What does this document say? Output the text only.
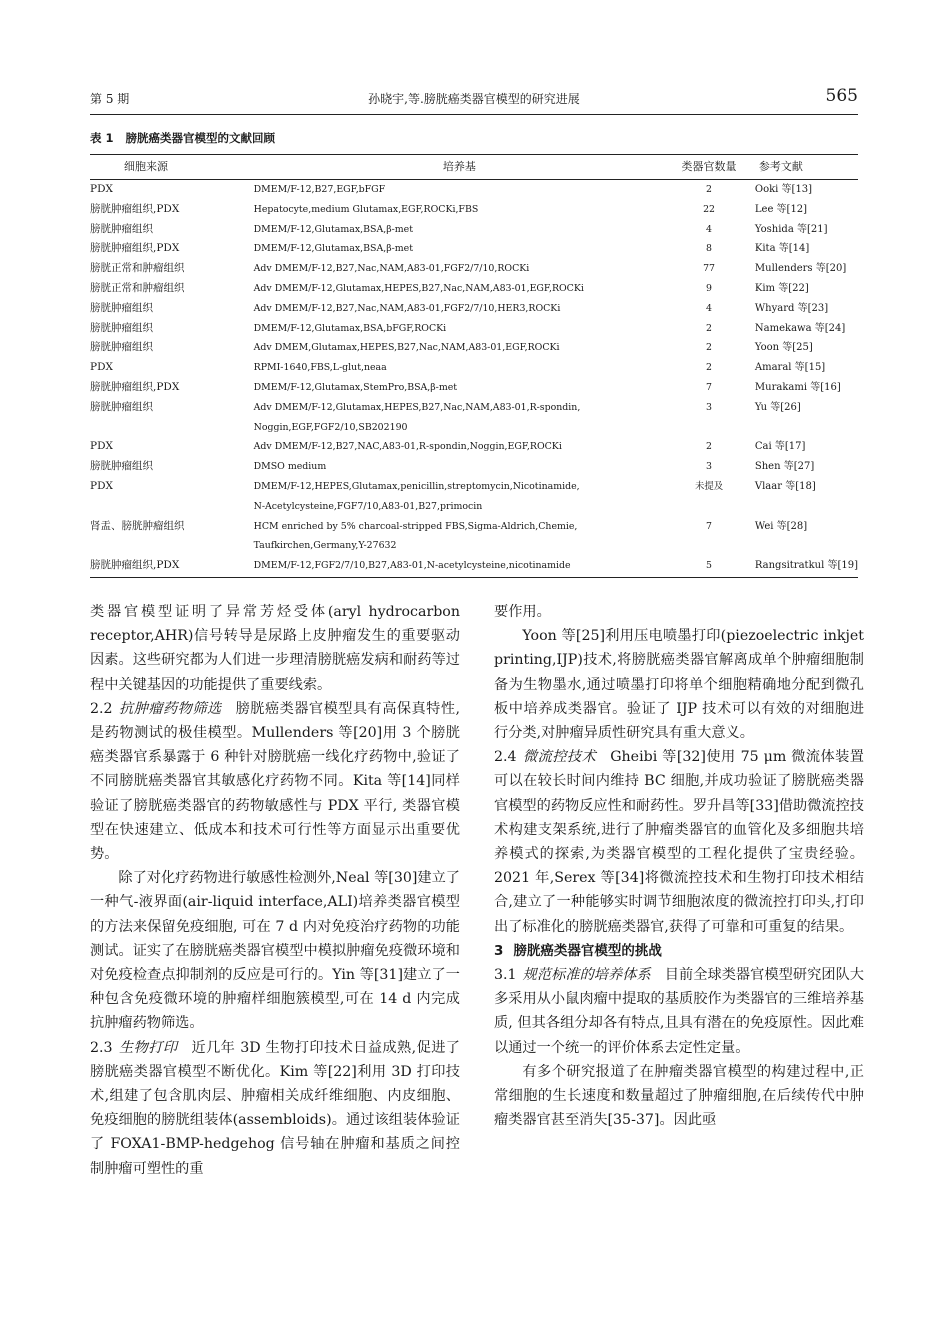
第 5 期	孙晓宇,等.膀胱癌类器官模型的研究进展	565
表 1 膀胱癌类器官模型的文献回顾
细胞来源	培养基	类器官数量	参考文献
PDX	DMEM/F-12,B27,EGF,bFGF	2	Ooki 等[13]
膀胱肿瘤组织,PDX	Hepatocyte,medium Glutamax,EGF,ROCKi,FBS	22	Lee 等[12]
膀胱肿瘤组织	DMEM/F-12,Glutamax,BSA,β-met	4	Yoshida 等[21]
膀胱肿瘤组织,PDX	DMEM/F-12,Glutamax,BSA,β-met	8	Kita 等[14]
膀胱正常和肿瘤组织	Adv DMEM/F-12,B27,Nac,NAM,A83-01,FGF2/7/10,ROCKi	77	Mullenders 等[20]
膀胱正常和肿瘤组织	Adv DMEM/F-12,Glutamax,HEPES,B27,Nac,NAM,A83-01,EGF,ROCKi	9	Kim 等[22]
膀胱肿瘤组织	Adv DMEM/F-12,B27,Nac,NAM,A83-01,FGF2/7/10,HER3,ROCKi	4	Whyard 等[23]
膀胱肿瘤组织	DMEM/F-12,Glutamax,BSA,bFGF,ROCKi	2	Namekawa 等[24]
膀胱肿瘤组织	Adv DMEM,Glutamax,HEPES,B27,Nac,NAM,A83-01,EGF,ROCKi	2	Yoon 等[25]
PDX	RPMI-1640,FBS,L-glut,neaa	2	Amaral 等[15]
膀胱肿瘤组织,PDX	DMEM/F-12,Glutamax,StemPro,BSA,β-met	7	Murakami 等[16]
膀胱肿瘤组织	Adv DMEM/F-12,Glutamax,HEPES,B27,Nac,NAM,A83-01,R-spondin,
Noggin,EGF,FGF2/10,SB202190	3	Yu 等[26]
PDX	Adv DMEM/F-12,B27,NAC,A83-01,R-spondin,Noggin,EGF,ROCKi	2	Cai 等[17]
膀胱肿瘤组织	DMSO medium	3	Shen 等[27]
PDX	DMEM/F-12,HEPES,Glutamax,penicillin,streptomycin,Nicotinamide,
N-Acetylcysteine,FGF7/10,A83-01,B27,primocin	未提及	Vlaar 等[18]
肾盂、膀胱肿瘤组织	HCM enriched by 5% charcoal-stripped FBS,Sigma-Aldrich,Chemie,
Taufkirchen,Germany,Y-27632	7	Wei 等[28]
膀胱肿瘤组织,PDX	DMEM/F-12,FGF2/7/10,B27,A83-01,N-acetylcysteine,nicotinamide	5	Rangsitratkul 等[19]

类器官模型证明了异常芳烃受体(aryl hydrocarbon receptor,AHR)信号转导是尿路上皮肿瘤发生的重要驱动因素。这些研究都为人们进一步理清膀胱癌发病和耐药等过程中关键基因的功能提供了重要线索。

2.2 抗肿瘤药物筛选 膀胱癌类器官模型具有高保真特性,是药物测试的极佳模型。Mullenders 等[20]用 3 个膀胱癌类器官系暴露于 6 种针对膀胱癌一线化疗药物中,验证了不同膀胱癌类器官其敏感化疗药物不同。Kita 等[14]同样验证了膀胱癌类器官的药物敏感性与 PDX 平行, 类器官模型在快速建立、低成本和技术可行性等方面显示出重要优势。

除了对化疗药物进行敏感性检测外,Neal 等[30]建立了一种气-液界面(air-liquid interface,ALI)培养类器官模型的方法来保留免疫细胞, 可在 7 d 内对免疫治疗药物的功能测试。证实了在膀胱癌类器官模型中模拟肿瘤免疫微环境和对免疫检查点抑制剂的反应是可行的。Yin 等[31]建立了一种包含免疫微环境的肿瘤样细胞簇模型,可在 14 d 内完成抗肿瘤药物筛选。

2.3 生物打印 近几年 3D 生物打印技术日益成熟,促进了膀胱癌类器官模型不断优化。Kim 等[22]利用 3D 打印技术,组建了包含肌肉层、肿瘤相关成纤维细胞、内皮细胞、免疫细胞的膀胱组装体(assembloids)。通过该组装体验证了 FOXA1-BMP-hedgehog 信号轴在肿瘤和基质之间控制肿瘤可塑性的重

要作用。

Yoon 等[25]利用压电喷墨打印(piezoelectric inkjet printing,IJP)技术,将膀胱癌类器官解离成单个肿瘤细胞制备为生物墨水,通过喷墨打印将单个细胞精确地分配到微孔板中培养成类器官。验证了 IJP 技术可以有效的对细胞进行分类,对肿瘤异质性研究具有重大意义。

2.4 微流控技术 Gheibi 等[32]使用 75 μm 微流体装置可以在较长时间内维持 BC 细胞,并成功验证了膀胱癌类器官模型的药物反应性和耐药性。罗升昌等[33]借助微流控技术构建支架系统,进行了肿瘤类器官的血管化及多细胞共培养模式的探索,为类器官模型的工程化提供了宝贵经验。2021 年,Serex 等[34]将微流控技术和生物打印技术相结合,建立了一种能够实时调节细胞浓度的微流控打印头,打印出了标准化的膀胱癌类器官,获得了可靠和可重复的结果。

3 膀胱癌类器官模型的挑战

3.1 规范标准的培养体系 目前全球类器官模型研究团队大多采用从小鼠肉瘤中提取的基质胶作为类器官的三维培养基质, 但其各组分却各有特点,且具有潜在的免疫原性。因此难以通过一个统一的评价体系去定性定量。

有多个研究报道了在肿瘤类器官模型的构建过程中,正常细胞的生长速度和数量超过了肿瘤细胞,在后续传代中肿瘤类器官甚至消失[35-37]。因此亟
